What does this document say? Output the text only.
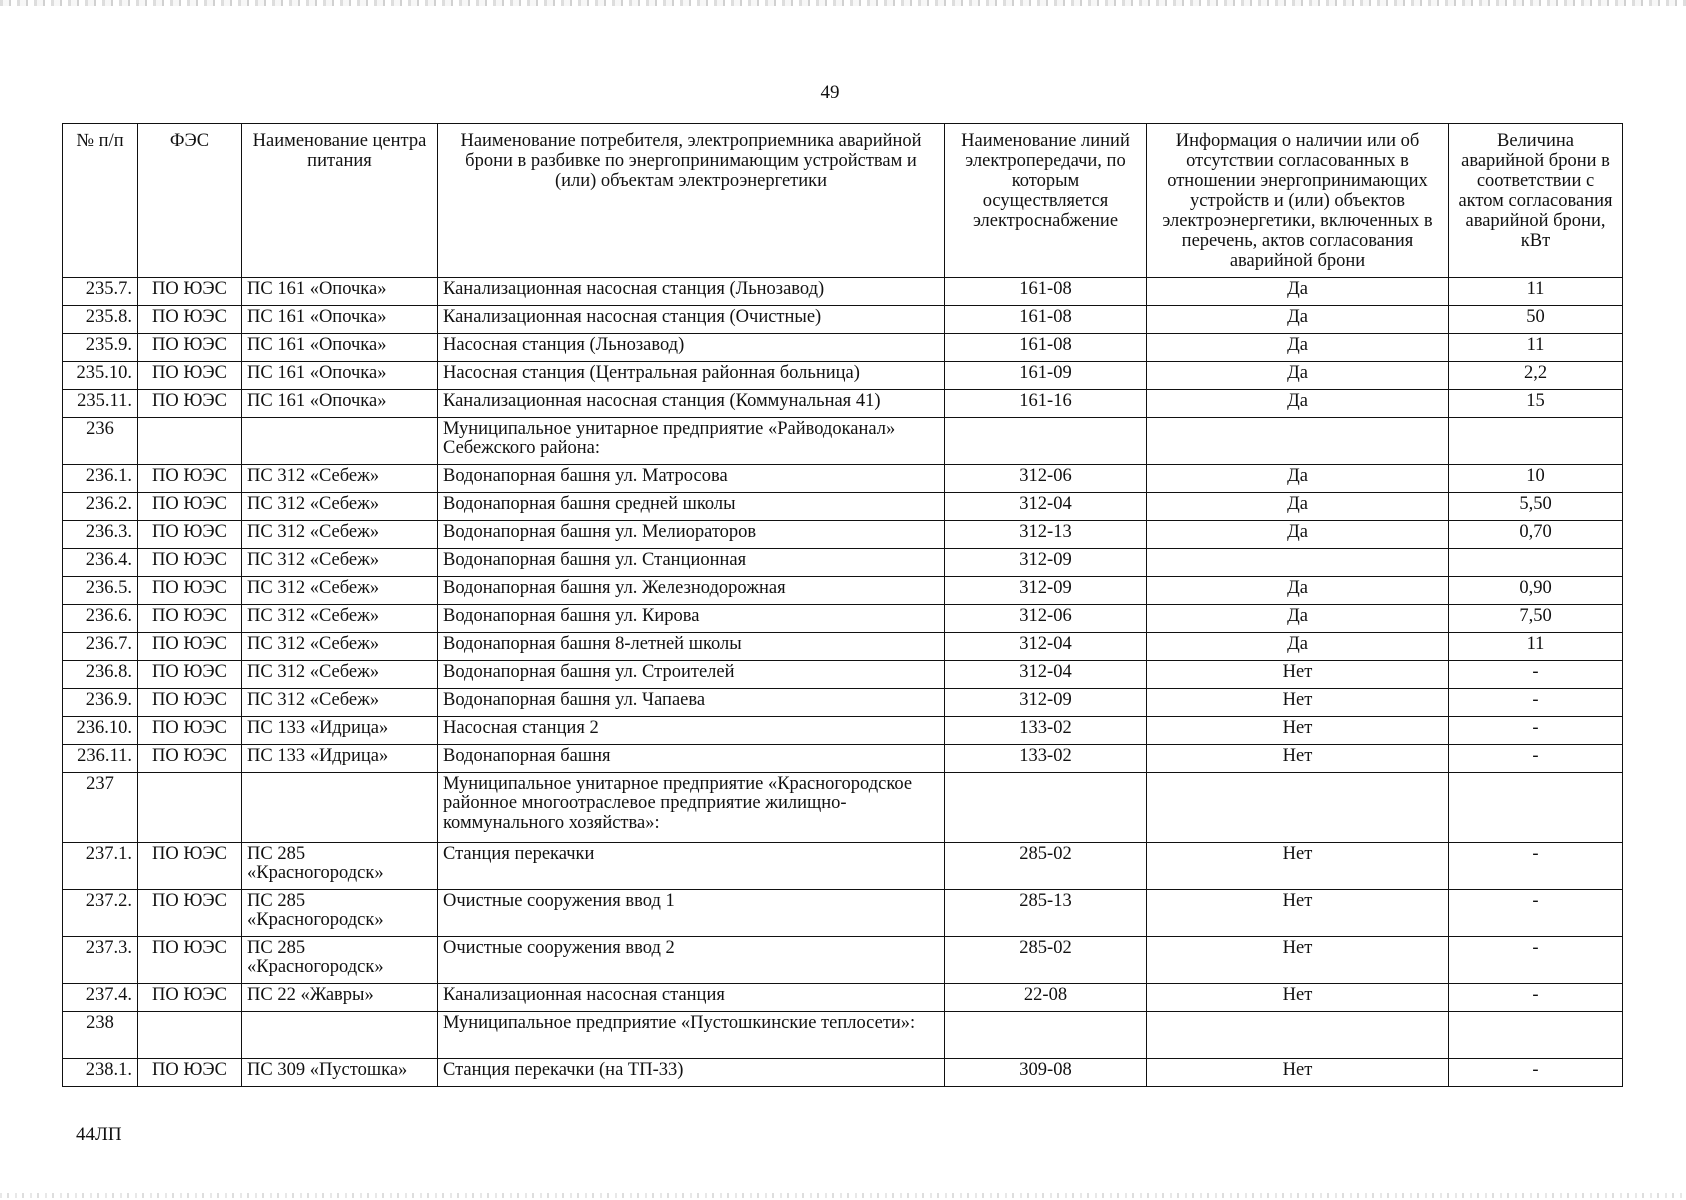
49
№ п/п	ФЭС	Наименование центра питания	Наименование потребителя, электроприемника аварийной брони в разбивке по энергопринимающим устройствам и (или) объектам электроэнергетики	Наименование линий электропередачи, по которым осуществляется электроснабжение	Информация о наличии или об отсутствии согласованных в отношении энергопринимающих устройств и (или) объектов электроэнергетики, включенных в перечень, актов согласования аварийной брони	Величина аварийной брони в соответствии с актом согласования аварийной брони, кВт
235.7.	ПО ЮЭС	ПС 161 «Опочка»	Канализационная насосная станция (Льнозавод)	161-08	Да	11
235.8.	ПО ЮЭС	ПС 161 «Опочка»	Канализационная насосная станция (Очистные)	161-08	Да	50
235.9.	ПО ЮЭС	ПС 161 «Опочка»	Насосная станция (Льнозавод)	161-08	Да	11
235.10.	ПО ЮЭС	ПС 161 «Опочка»	Насосная станция (Центральная районная больница)	161-09	Да	2,2
235.11.	ПО ЮЭС	ПС 161 «Опочка»	Канализационная насосная станция (Коммунальная 41)	161-16	Да	15
236			Муниципальное унитарное предприятие «Райводоканал» Себежского района:			
236.1.	ПО ЮЭС	ПС 312 «Себеж»	Водонапорная башня ул. Матросова	312-06	Да	10
236.2.	ПО ЮЭС	ПС 312 «Себеж»	Водонапорная башня средней школы	312-04	Да	5,50
236.3.	ПО ЮЭС	ПС 312 «Себеж»	Водонапорная башня ул. Мелиораторов	312-13	Да	0,70
236.4.	ПО ЮЭС	ПС 312 «Себеж»	Водонапорная башня ул. Станционная	312-09		
236.5.	ПО ЮЭС	ПС 312 «Себеж»	Водонапорная башня ул. Железнодорожная	312-09	Да	0,90
236.6.	ПО ЮЭС	ПС 312 «Себеж»	Водонапорная башня ул. Кирова	312-06	Да	7,50
236.7.	ПО ЮЭС	ПС 312 «Себеж»	Водонапорная башня 8-летней школы	312-04	Да	11
236.8.	ПО ЮЭС	ПС 312 «Себеж»	Водонапорная башня ул. Строителей	312-04	Нет	-
236.9.	ПО ЮЭС	ПС 312 «Себеж»	Водонапорная башня ул. Чапаева	312-09	Нет	-
236.10.	ПО ЮЭС	ПС 133 «Идрица»	Насосная станция 2	133-02	Нет	-
236.11.	ПО ЮЭС	ПС 133 «Идрица»	Водонапорная башня	133-02	Нет	-
237			Муниципальное унитарное предприятие «Красногородское районное многоотраслевое предприятие жилищно-коммунального хозяйства»:			
237.1.	ПО ЮЭС	ПС 285 «Красногородск»	Станция перекачки	285-02	Нет	-
237.2.	ПО ЮЭС	ПС 285 «Красногородск»	Очистные сооружения ввод 1	285-13	Нет	-
237.3.	ПО ЮЭС	ПС 285 «Красногородск»	Очистные сооружения ввод 2	285-02	Нет	-
237.4.	ПО ЮЭС	ПС 22 «Жавры»	Канализационная насосная станция	22-08	Нет	-
238			Муниципальное предприятие «Пустошкинские теплосети»:			
238.1.	ПО ЮЭС	ПС 309 «Пустошка»	Станция перекачки (на ТП-33)	309-08	Нет	-
44ЛП
